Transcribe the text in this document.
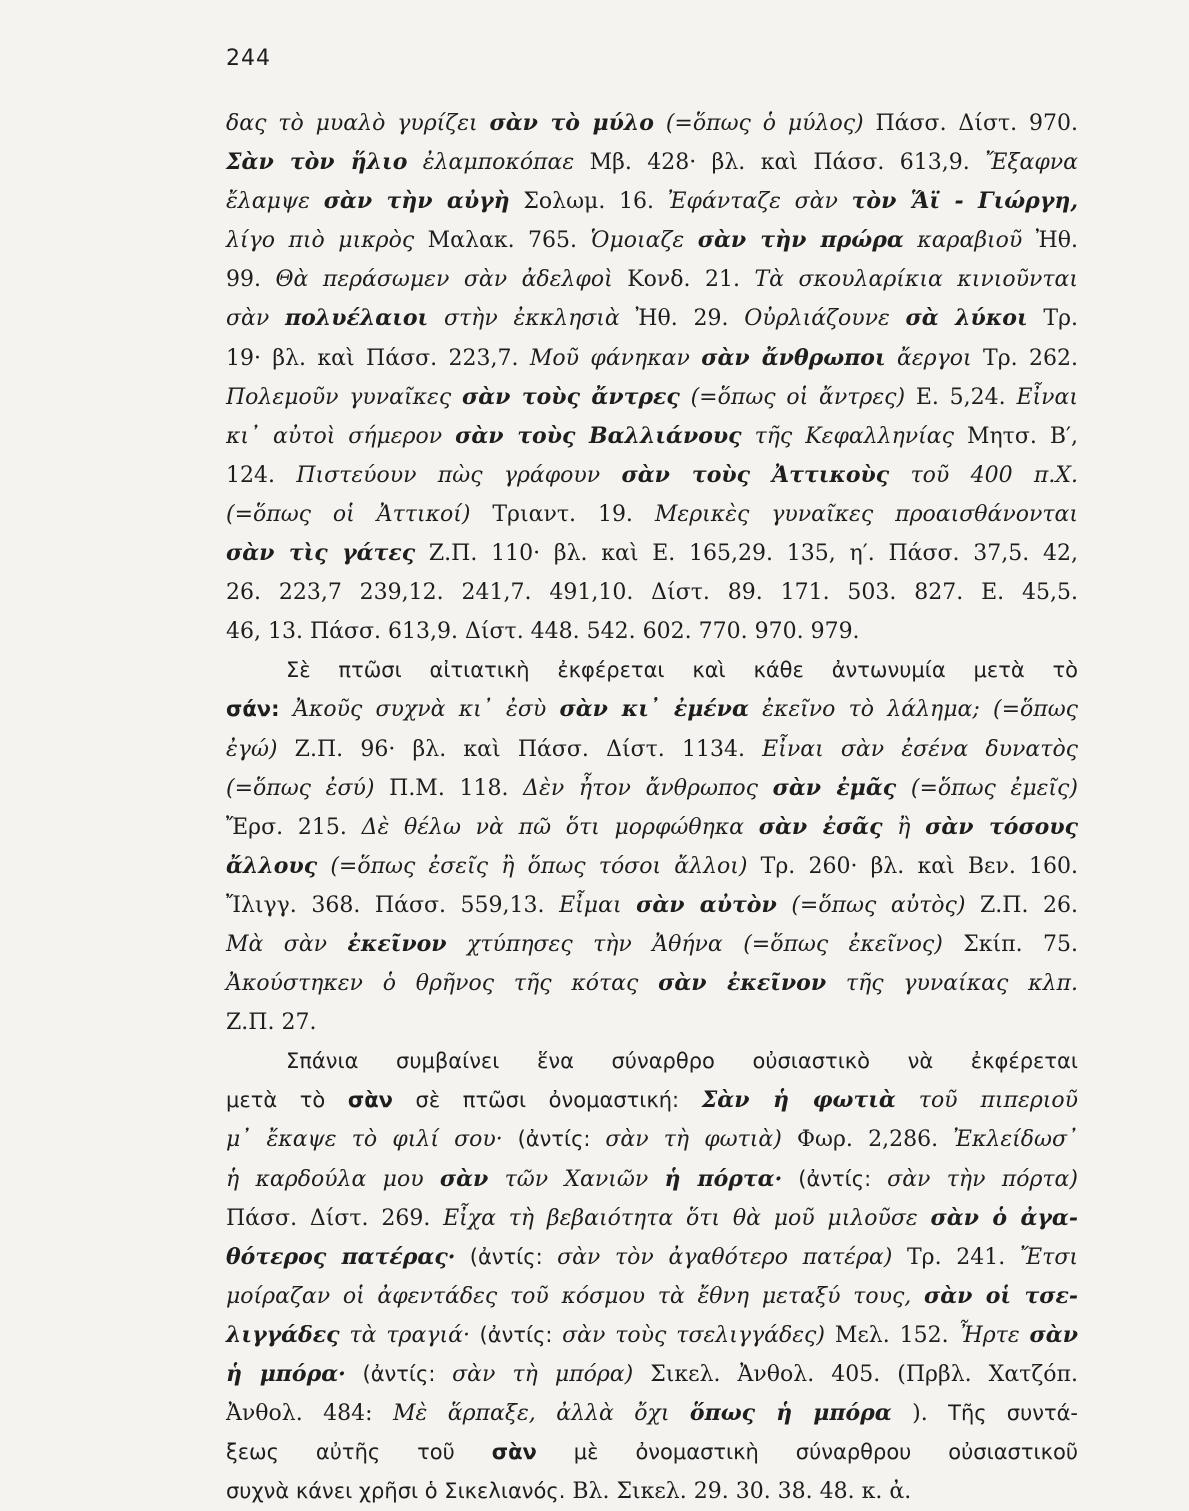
244
δας τὸ μυαλὸ γυρίζει σὰν τὸ μύλο (=ὅπως ὁ μύλος) Πάσσ. Δίστ. 970.
Σὰν τὸν ἥλιο ἐλαμποκόπαε Μβ. 428· βλ. καὶ Πάσσ. 613,9. Ἔξαφνα
ἔλαμψε σὰν τὴν αὐγὴ Σολωμ. 16. Ἐφάνταζε σὰν τὸν Ἅϊ - Γιώργη,
λίγο πιὸ μικρὸς Μαλακ. 765. Ὁμοιαζε σὰν τὴν πρώρα καραβιοῦ Ἠθ.
99. Θὰ περάσωμεν σὰν ἀδελφοὶ Κονδ. 21. Τὰ σκουλαρίκια κινιοῦνται
σὰν πολυέλαιοι στὴν ἐκκλησιὰ Ἠθ. 29. Οὐρλιάζουνε σὰ λύκοι Τρ.
19· βλ. καὶ Πάσσ. 223,7. Μοῦ φάνηκαν σὰν ἄνθρωποι ἄεργοι Τρ. 262.
Πολεμοῦν γυναῖκες σὰν τοὺς ἄντρες (=ὅπως οἱ ἄντρες) Ε. 5,24. Εἶναι
κι᾿ αὐτοὶ σήμερον σὰν τοὺς Βαλλιάνους τῆς Κεφαλληνίας Μητσ. Β′,
124. Πιστεύουν πὼς γράφουν σὰν τοὺς Ἀττικοὺς τοῦ 400 π.Χ.
(=ὅπως οἱ Ἀττικοί) Τριαντ. 19. Μερικὲς γυναῖκες προαισθάνονται
σὰν τὶς γάτες Ζ.Π. 110· βλ. καὶ Ε. 165,29. 135, η′. Πάσσ. 37,5. 42,
26. 223,7 239,12. 241,7. 491,10. Δίστ. 89. 171. 503. 827. Ε. 45,5.
46, 13. Πάσσ. 613,9. Δίστ. 448. 542. 602. 770. 970. 979.
Σὲ πτῶσι αἰτιατικὴ ἐκφέρεται καὶ κάθε ἀντωνυμία μετὰ τὸ
σάν: Ἀκοῦς συχνὰ κι᾿ ἐσὺ σὰν κι᾿ ἐμένα ἐκεῖνο τὸ λάλημα; (=ὅπως
ἐγώ) Ζ.Π. 96· βλ. καὶ Πάσσ. Δίστ. 1134. Εἶναι σὰν ἐσένα δυνατὸς
(=ὅπως ἐσύ) Π.Μ. 118. Δὲν ἦτον ἄνθρωπος σὰν ἐμᾶς (=ὅπως ἐμεῖς)
Ἔρσ. 215. Δὲ θέλω νὰ πῶ ὅτι μορφώθηκα σὰν ἐσᾶς ἢ σὰν τόσους
ἄλλους (=ὅπως ἐσεῖς ἢ ὅπως τόσοι ἄλλοι) Τρ. 260· βλ. καὶ Βεν. 160.
Ἴλιγγ. 368. Πάσσ. 559,13. Εἶμαι σὰν αὐτὸν (=ὅπως αὐτὸς) Ζ.Π. 26.
Μὰ σὰν ἐκεῖνον χτύπησες τὴν Ἀθήνα (=ὅπως ἐκεῖνος) Σκίπ. 75.
Ἀκούστηκεν ὁ θρῆνος τῆς κότας σὰν ἐκεῖνον τῆς γυναίκας κλπ.
Ζ.Π. 27.
Σπάνια συμβαίνει ἕνα σύναρθρο οὐσιαστικὸ νὰ ἐκφέρεται
μετὰ τὸ σὰν σὲ πτῶσι ὀνομαστική: Σὰν ἡ φωτιὰ τοῦ πιπεριοῦ
μ᾿ ἔκαψε τὸ φιλί σου· (ἀντίς: σὰν τὴ φωτιὰ) Φωρ. 2,286. Ἐκλείδωσ᾿
ἡ καρδούλα μου σὰν τῶν Χανιῶν ἡ πόρτα· (ἀντίς: σὰν τὴν πόρτα)
Πάσσ. Δίστ. 269. Εἶχα τὴ βεβαιότητα ὅτι θὰ μοῦ μιλοῦσε σὰν ὁ ἀγα-
θότερος πατέρας· (ἀντίς: σὰν τὸν ἀγαθότερο πατέρα) Τρ. 241. Ἔτσι
μοίραζαν οἱ ἀφεντάδες τοῦ κόσμου τὰ ἔθνη μεταξύ τους, σὰν οἱ τσε-
λιγγάδες τὰ τραγιά· (ἀντίς: σὰν τοὺς τσελιγγάδες) Μελ. 152. Ἦρτε σὰν
ἡ μπόρα· (ἀντίς: σὰν τὴ μπόρα) Σικελ. Ἀνθολ. 405. (Πρβλ. Χατζόπ.
Ἀνθολ. 484: Μὲ ἅρπαξε, ἀλλὰ ὄχι ὅπως ἡ μπόρα ). Τῆς συντά-
ξεως αὐτῆς τοῦ σὰν μὲ ὀνομαστικὴ σύναρθρου οὐσιαστικοῦ
συχνὰ κάνει χρῆσι ὁ Σικελιανός. Βλ. Σικελ. 29. 30. 38. 48. κ. ἀ.
